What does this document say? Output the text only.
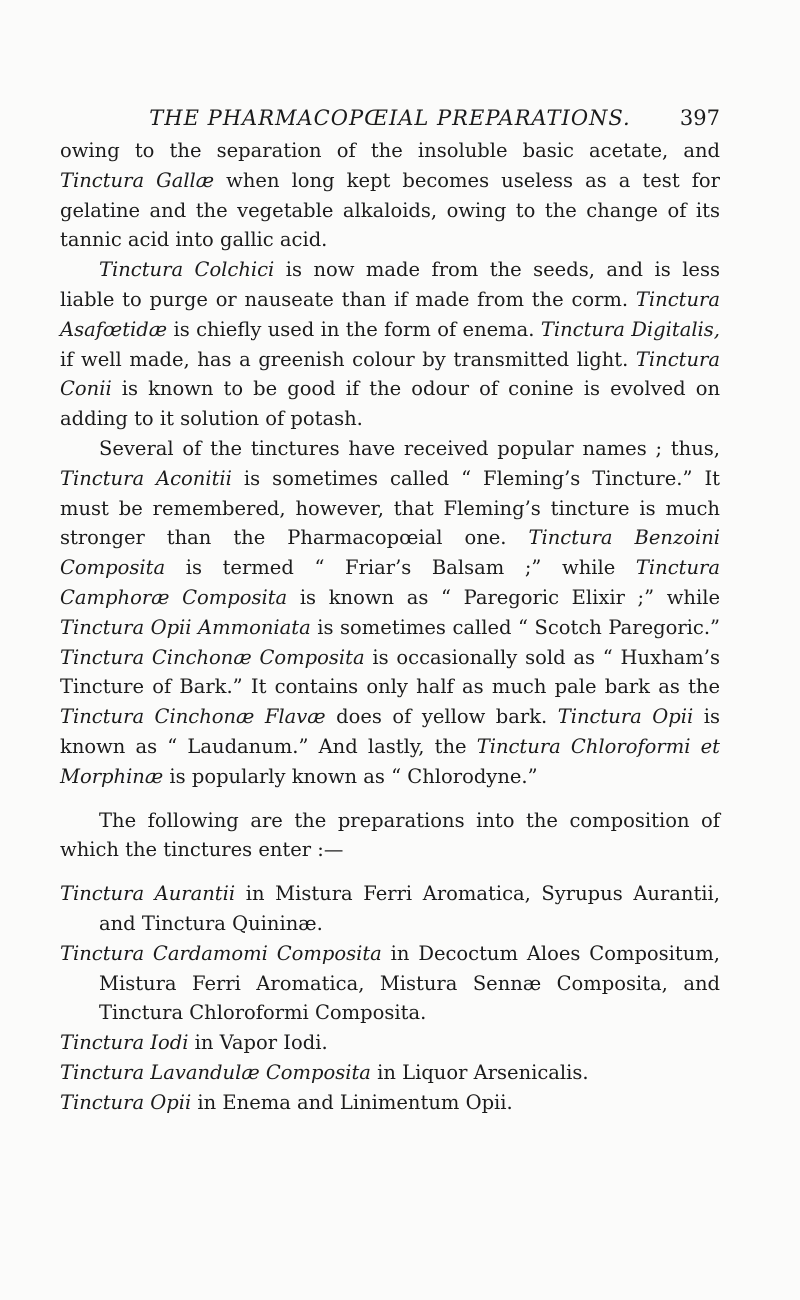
THE PHARMACOPŒIAL PREPARATIONS.	397

owing to the separation of the insoluble basic acetate, and Tinctura Gallæ when long kept becomes useless as a test for gelatine and the vegetable alkaloids, owing to the change of its tannic acid into gallic acid.

Tinctura Colchici is now made from the seeds, and is less liable to purge or nauseate than if made from the corm. Tinctura Asafœtidæ is chiefly used in the form of enema. Tinctura Digitalis, if well made, has a greenish colour by transmitted light. Tinctura Conii is known to be good if the odour of conine is evolved on adding to it solution of potash.

Several of the tinctures have received popular names ; thus, Tinctura Aconitii is sometimes called “ Fleming’s Tincture.” It must be remembered, however, that Fleming’s tincture is much stronger than the Pharmacopœial one. Tinctura Benzoini Composita is termed “ Friar’s Balsam ;” while Tinctura Camphoræ Composita is known as “ Paregoric Elixir ;” while Tinctura Opii Ammoniata is sometimes called “ Scotch Paregoric.” Tinctura Cinchonæ Composita is occasionally sold as “ Huxham’s Tincture of Bark.” It contains only half as much pale bark as the Tinctura Cinchonæ Flavæ does of yellow bark. Tinctura Opii is known as “ Laudanum.” And lastly, the Tinctura Chloroformi et Morphinæ is popularly known as “ Chlorodyne.”

The following are the preparations into the composition of which the tinctures enter :—

Tinctura Aurantii in Mistura Ferri Aromatica, Syrupus Aurantii, and Tinctura Quininæ.

Tinctura Cardamomi Composita in Decoctum Aloes Compositum, Mistura Ferri Aromatica, Mistura Sennæ Composita, and Tinctura Chloroformi Composita.

Tinctura Iodi in Vapor Iodi.

Tinctura Lavandulæ Composita in Liquor Arsenicalis.

Tinctura Opii in Enema and Linimentum Opii.
